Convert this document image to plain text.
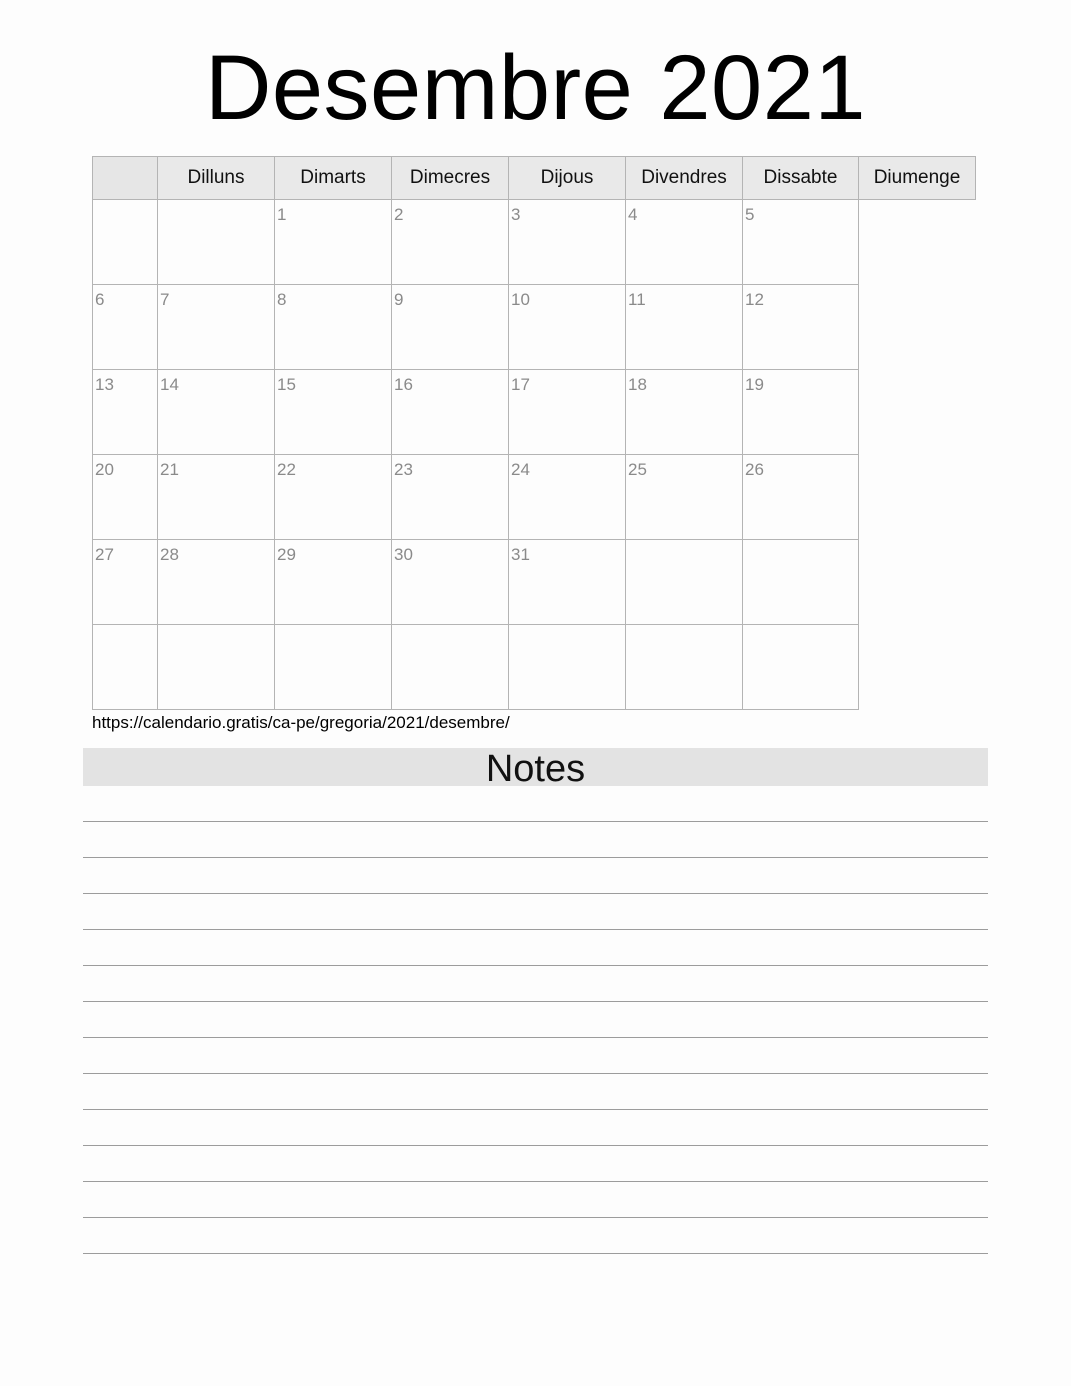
Desembre 2021
	Dilluns	Dimarts	Dimecres	Dijous	Divendres	Dissabte	Diumenge

		1	2	3	4	5	

6	7	8	9	10	11	12	

13	14	15	16	17	18	19	

20	21	22	23	24	25	26	

27	28	29	30	31			

https://calendario.gratis/ca-pe/gregoria/2021/desembre/
Notes
